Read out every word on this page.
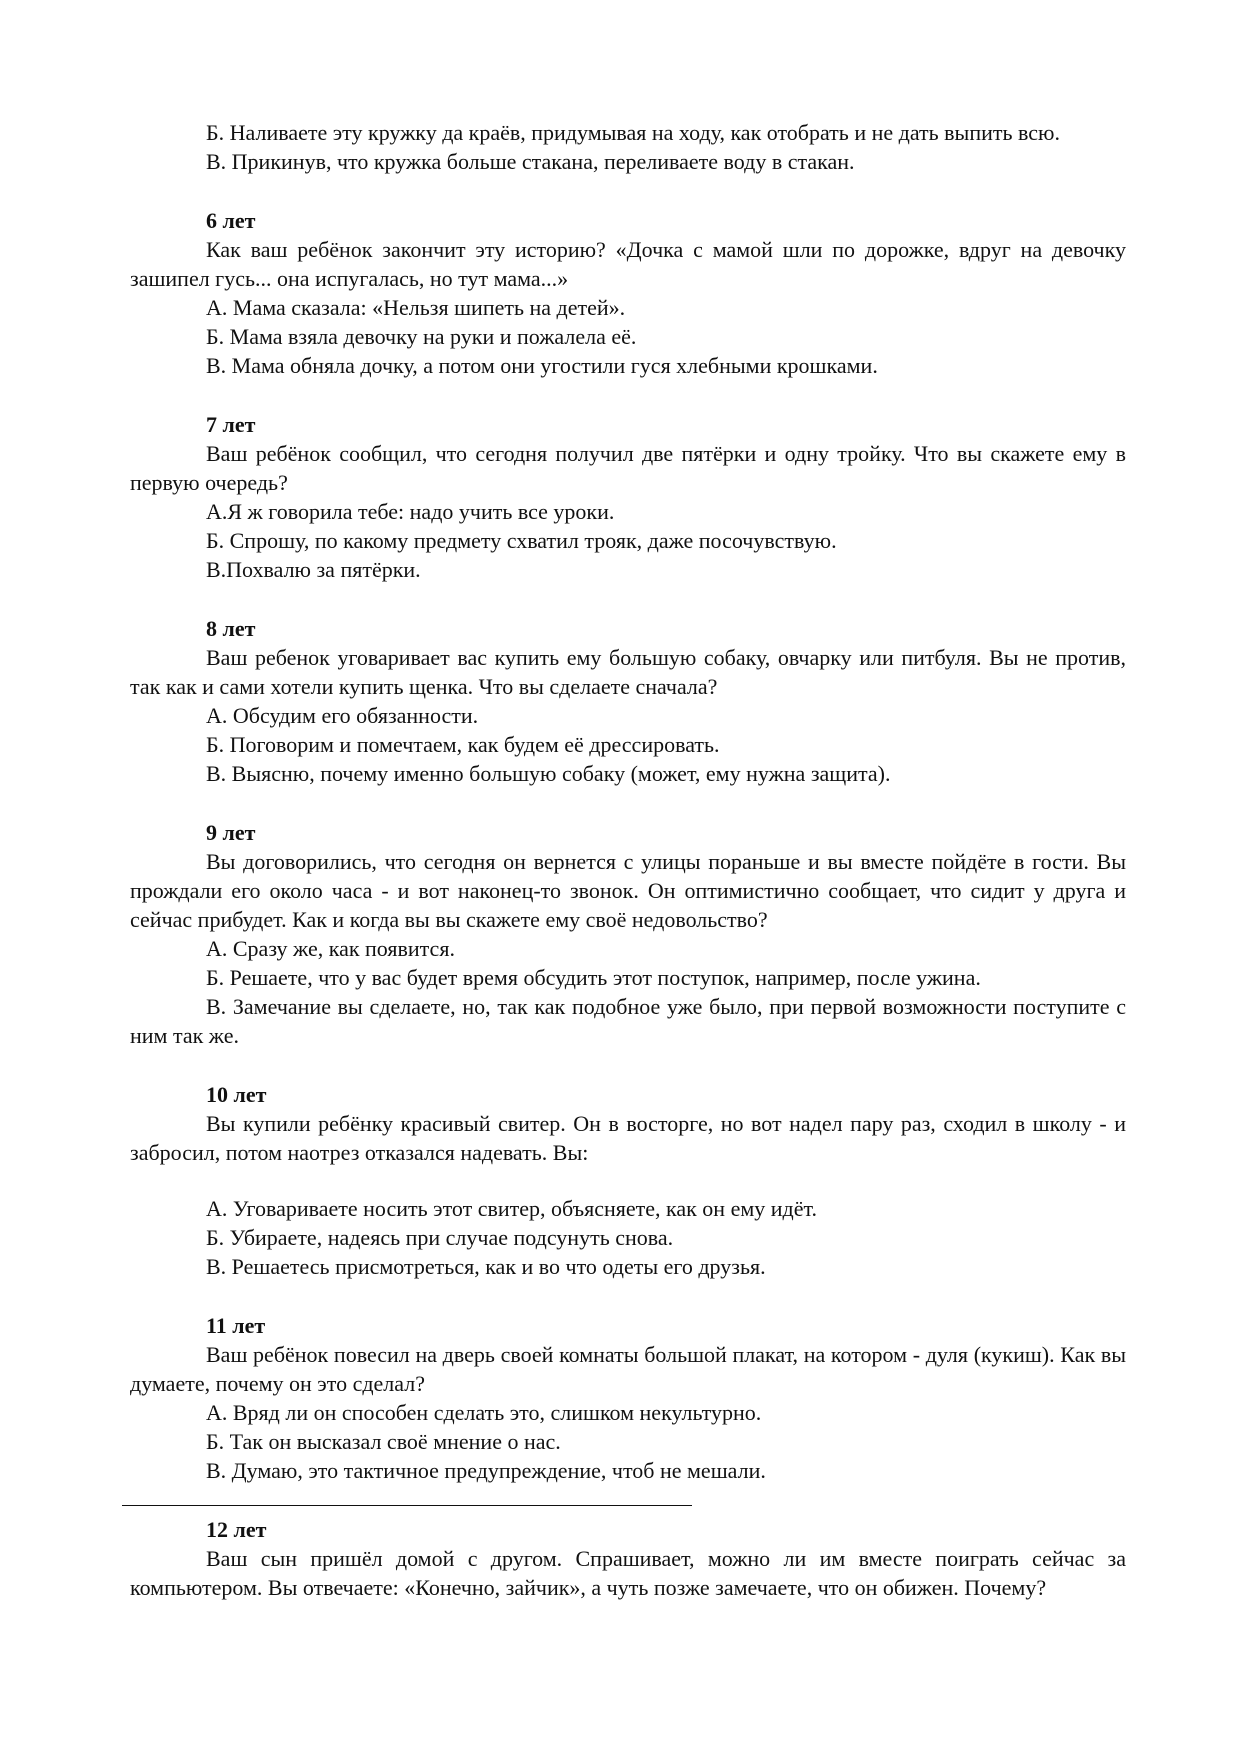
Б. Наливаете эту кружку да краёв, придумывая на ходу, как отобрать и не дать выпить всю.

В. Прикинув, что кружка больше стакана, переливаете воду в стакан.

6 лет

Как ваш ребёнок закончит эту историю? «Дочка с мамой шли по дорожке, вдруг на девочку зашипел гусь... она испугалась, но тут мама...»

А. Мама сказала: «Нельзя шипеть на детей».

Б. Мама взяла девочку на руки и пожалела её.

В. Мама обняла дочку, а потом они угостили гуся хлебными крошками.

7 лет

Ваш ребёнок сообщил, что сегодня получил две пятёрки и одну тройку. Что вы скажете ему в первую очередь?

А.Я ж говорила тебе: надо учить все уроки.

Б. Спрошу, по какому предмету схватил трояк, даже посочувствую.

В.Похвалю за пятёрки.

8 лет

Ваш ребенок уговаривает вас купить ему большую собаку, овчарку или питбуля. Вы не против, так как и сами хотели купить щенка. Что вы сделаете сначала?

А. Обсудим его обязанности.

Б. Поговорим и помечтаем, как будем её дрессировать.

В. Выясню, почему именно большую собаку (может, ему нужна защита).

9 лет

Вы договорились, что сегодня он вернется с улицы пораньше и вы вместе пойдёте в гости. Вы прождали его около часа - и вот наконец-то звонок. Он оптимистично сообщает, что сидит у друга и сейчас прибудет. Как и когда вы вы скажете ему своё недовольство?

А. Сразу же, как появится.

Б. Решаете, что у вас будет время обсудить этот поступок, например, после ужина.

В. Замечание вы сделаете, но, так как подобное уже было, при первой возможности поступите с ним так же.

10 лет

Вы купили ребёнку красивый свитер. Он в восторге, но вот надел пару раз, сходил в школу - и забросил, потом наотрез отказался надевать. Вы:

А. Уговариваете носить этот свитер, объясняете, как он ему идёт.

Б. Убираете, надеясь при случае подсунуть снова.

В. Решаетесь присмотреться, как и во что одеты его друзья.

11 лет

Ваш ребёнок повесил на дверь своей комнаты большой плакат, на котором - дуля (кукиш). Как вы думаете, почему он это сделал?

А. Вряд ли он способен сделать это, слишком некультурно.

Б. Так он высказал своё мнение о нас.

В. Думаю, это тактичное предупреждение, чтоб не мешали.

12 лет

Ваш сын пришёл домой с другом. Спрашивает, можно ли им вместе поиграть сейчас за компьютером. Вы отвечаете: «Конечно, зайчик», а чуть позже замечаете, что он обижен. Почему?
